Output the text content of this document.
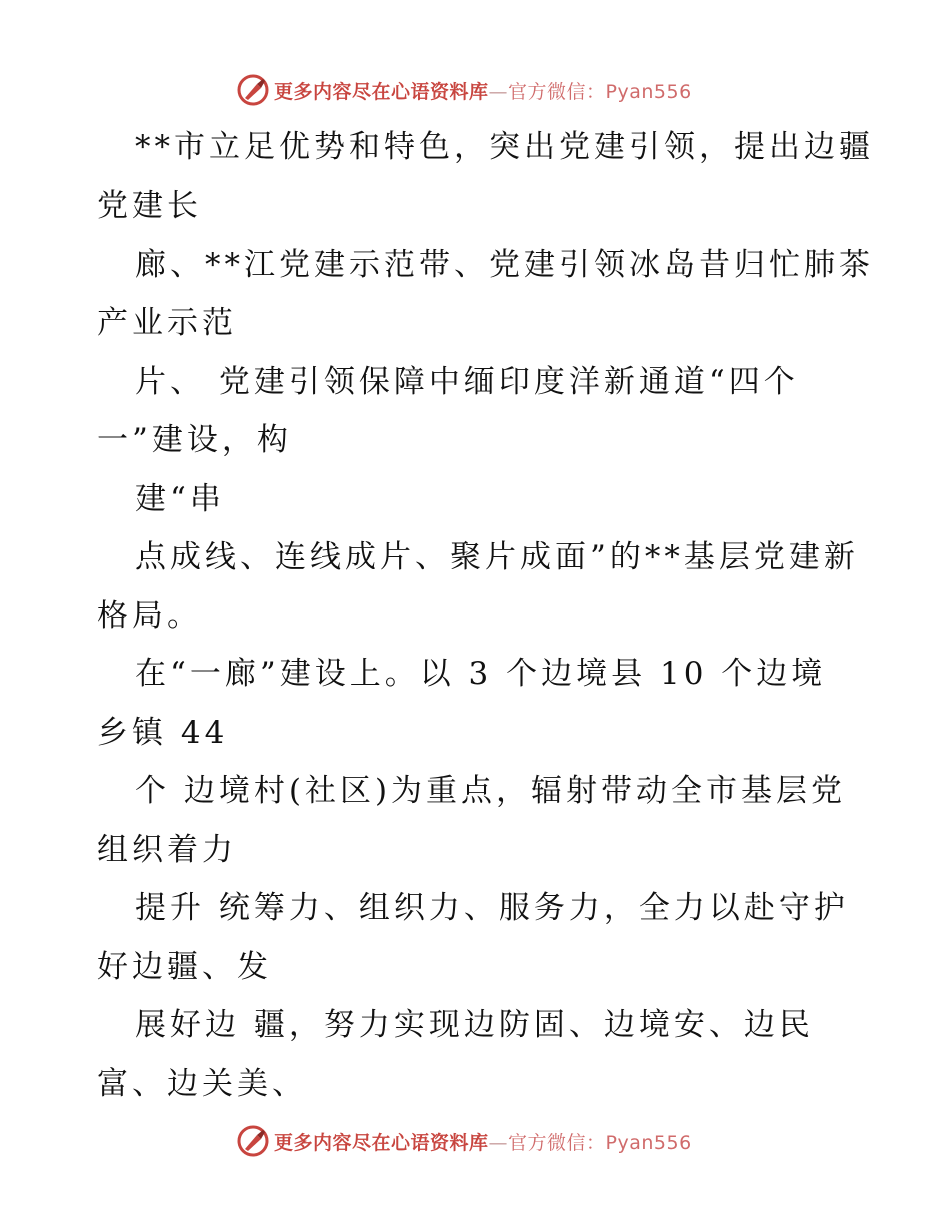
更多内容尽在心语资料库—官方微信：Pyan556
**市立足优势和特色，突出党建引领，提出边疆
党建长
廊、**江党建示范带、党建引领冰岛昔归忙肺茶
产业示范
片、 党建引领保障中缅印度洋新通道“四个
一”建设，构
建“串
点成线、连线成片、聚片成面”的**基层党建新
格局。
在“一廊”建设上。以 3 个边境县 10 个边境
乡镇 44
个 边境村(社区)为重点，辐射带动全市基层党
组织着力
提升 统筹力、组织力、服务力，全力以赴守护
好边疆、发
展好边 疆，努力实现边防固、边境安、边民
富、边关美、
更多内容尽在心语资料库—官方微信：Pyan556
